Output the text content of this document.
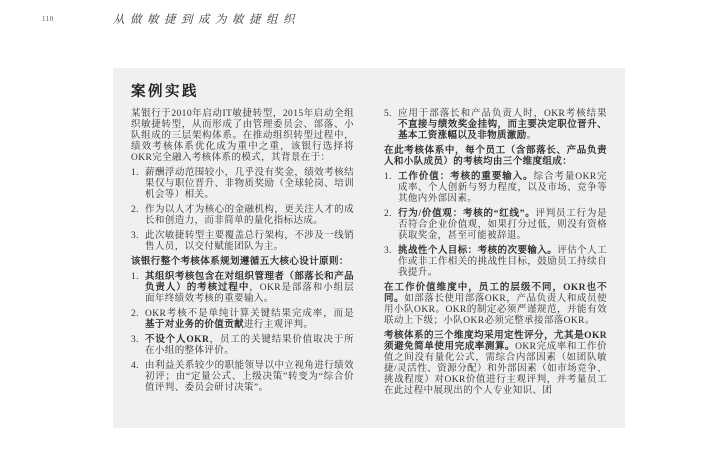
110	从做敏捷到成为敏捷组织
案例实践

某银行于2010年启动IT敏捷转型，2015年启动全组织敏捷转型，从而形成了由管理委员会、部落、小队组成的三层架构体系。在推动组织转型过程中，绩效考核体系优化成为重中之重，该银行选择将OKR完全融入考核体系的模式，其背景在于：

1. 薪酬浮动范围较小，几乎没有奖金，绩效考核结果仅与职位晋升、非物质奖励（全球轮岗、培训机会等）相关。
2. 作为以人才为核心的金融机构，更关注人才的成长和创造力，而非简单的量化指标达成。
3. 此次敏捷转型主要覆盖总行架构，不涉及一线销售人员，以交付赋能团队为主。

该银行整个考核体系规划遵循五大核心设计原则：

1. 其组织考核包含在对组织管理者（部落长和产品负责人）的考核过程中，OKR是部落和小组层面年终绩效考核的重要输入。
2. OKR考核不是单纯计算关键结果完成率，而是基于对业务的价值贡献进行主观评判。
3. 不设个人OKR，员工的关键结果价值取决于所在小组的整体评价。
4. 由利益关系较少的职能领导以中立视角进行绩效初评；由“定量公式、上级决策”转变为“综合价值评判、委员会研讨决策”。
5. 应用于部落长和产品负责人时，OKR考核结果不直接与绩效奖金挂钩，而主要决定职位晋升、基本工资涨幅以及非物质激励。

在此考核体系中，每个员工（含部落长、产品负责人和小队成员）的考核均由三个维度组成：

1. 工作价值：考核的重要输入。综合考量OKR完成率、个人创新与努力程度，以及市场、竞争等其他内外部因素。
2. 行为/价值观：考核的“红线”。评判员工行为是否符合企业价值观，如果打分过低，则没有资格获取奖金，甚至可能被辞退。
3. 挑战性个人目标：考核的次要输入。评估个人工作或非工作相关的挑战性目标，鼓励员工持续自我提升。

在工作价值维度中，员工的层级不同，OKR也不同。如部落长使用部落OKR，产品负责人和成员使用小队OKR。OKR的制定必须严谨规范，并能有效联动上下级；小队OKR必须完整承接部落OKR。

考核体系的三个维度均采用定性评分，尤其是OKR须避免简单使用完成率测算。OKR完成率和工作价值之间没有量化公式，需综合内部因素（如团队敏捷/灵活性、资源分配）和外部因素（如市场竞争、挑战程度）对OKR价值进行主观评判，并考量员工在此过程中展现出的个人专业知识、团
